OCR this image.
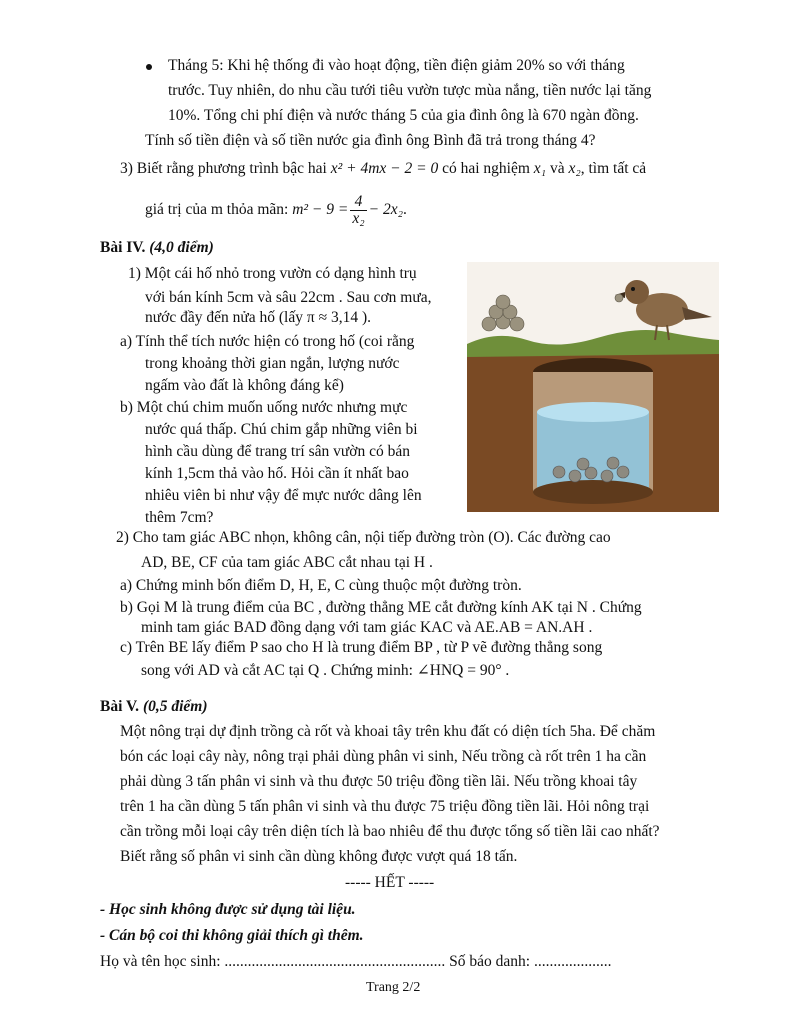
Tháng 5: Khi hệ thống đi vào hoạt động, tiền điện giảm 20% so với tháng
trước. Tuy nhiên, do nhu cầu tưới tiêu vườn tược mùa nắng, tiền nước lại tăng
10%. Tổng chi phí điện và nước tháng 5 của gia đình ông là 670 ngàn đồng.
Tính số tiền điện và số tiền nước gia đình ông Bình đã trả trong tháng 4?
3) Biết rằng phương trình bậc hai x² + 4mx − 2 = 0 có hai nghiệm x₁ và x₂, tìm tất cả
giá trị của m thỏa mãn: $m^2 - 9 = \frac{4}{\text{x₂}} - 2x_2$.
Bài IV. (4,0 điểm)
1) Một cái hố nhỏ trong vườn có dạng hình trụ
với bán kính 5cm và sâu 22cm . Sau cơn mưa,
nước đầy đến nửa hố (lấy π ≈ 3,14 ).
a) Tính thể tích nước hiện có trong hố (coi rằng
trong khoảng thời gian ngắn, lượng nước
ngấm vào đất là không đáng kể)
b) Một chú chim muốn uống nước nhưng mực
nước quá thấp. Chú chim gắp những viên bi
hình cầu dùng để trang trí sân vườn có bán
kính 1,5cm thả vào hố. Hỏi cần ít nhất bao
nhiêu viên bi như vậy để mực nước dâng lên
thêm 7cm?
2) Cho tam giác ABC nhọn, không cân, nội tiếp đường tròn (O). Các đường cao
AD, BE, CF của tam giác ABC cắt nhau tại H .
a) Chứng minh bốn điểm D, H, E, C cùng thuộc một đường tròn.
b) Gọi M là trung điểm của BC , đường thẳng ME cắt đường kính AK tại N . Chứng
minh tam giác BAD đồng dạng với tam giác KAC và AE.AB = AN.AH .
c) Trên BE lấy điểm P sao cho H là trung điểm BP , từ P vẽ đường thẳng song
song với AD và cắt AC tại Q . Chứng minh: ∠HNQ = 90° .
Bài V. (0,5 điểm)
Một nông trại dự định trồng cà rốt và khoai tây trên khu đất có diện tích 5ha. Để chăm
bón các loại cây này, nông trại phải dùng phân vi sinh, Nếu trồng cà rốt trên 1 ha cần
phải dùng 3 tấn phân vi sinh và thu được 50 triệu đồng tiền lãi. Nếu trồng khoai tây
trên 1 ha cần dùng 5 tấn phân vi sinh và thu được 75 triệu đồng tiền lãi. Hỏi nông trại
cần trồng mỗi loại cây trên diện tích là bao nhiêu để thu được tổng số tiền lãi cao nhất?
Biết rằng số phân vi sinh cần dùng không được vượt quá 18 tấn.
----- HẾT -----
- Học sinh không được sử dụng tài liệu.
- Cán bộ coi thi không giải thích gì thêm.
Họ và tên học sinh: ......................................................... Số báo danh: ....................
Trang 2/2
